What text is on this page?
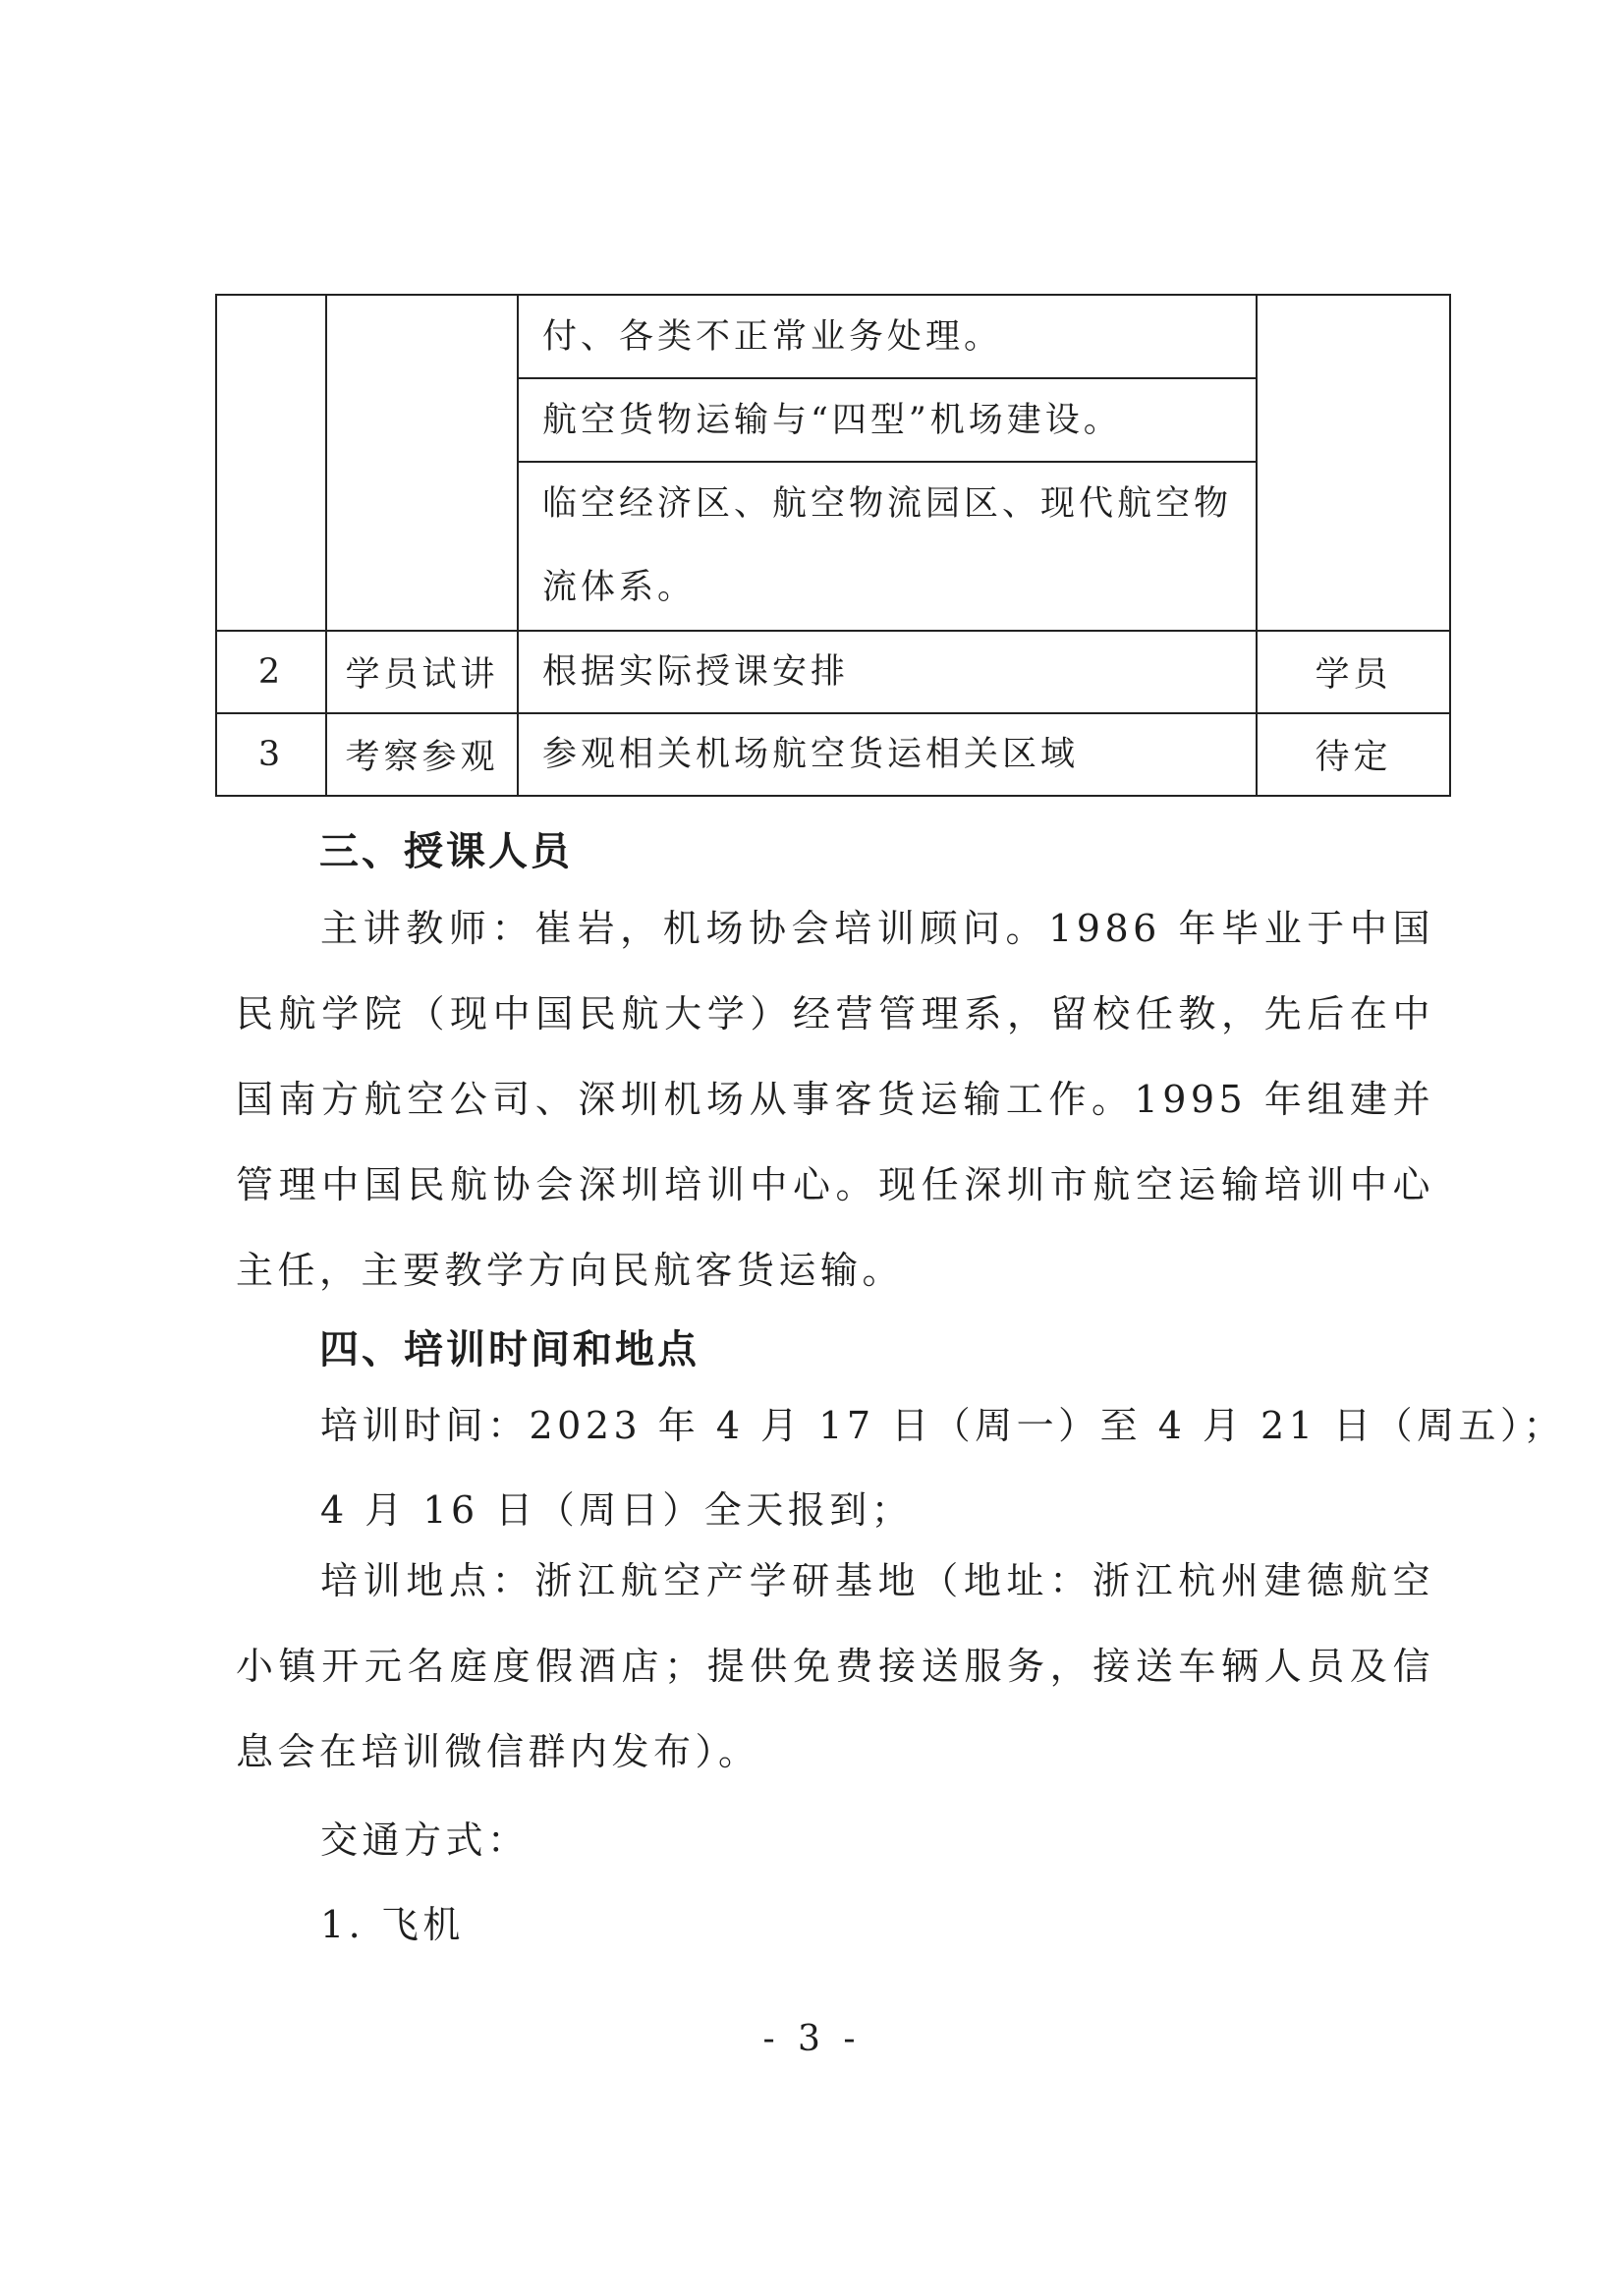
		付、各类不正常业务处理。	
		航空货物运输与“四型”机场建设。	
		临空经济区、航空物流园区、现代航空物流体系。	
2	学员试讲	根据实际授课安排	学员
3	考察参观	参观相关机场航空货运相关区域	待定
三、授课人员
主讲教师：崔岩，机场协会培训顾问。1986 年毕业于中国民航学院（现中国民航大学）经营管理系，留校任教，先后在中国南方航空公司、深圳机场从事客货运输工作。1995 年组建并管理中国民航协会深圳培训中心。现任深圳市航空运输培训中心主任，主要教学方向民航客货运输。
四、培训时间和地点
培训时间：2023 年 4 月 17 日（周一）至 4 月 21 日（周五）；
4 月 16 日（周日）全天报到；
培训地点：浙江航空产学研基地（地址：浙江杭州建德航空小镇开元名庭度假酒店；提供免费接送服务，接送车辆人员及信息会在培训微信群内发布）。
交通方式：
1. 飞机
- 3 -
